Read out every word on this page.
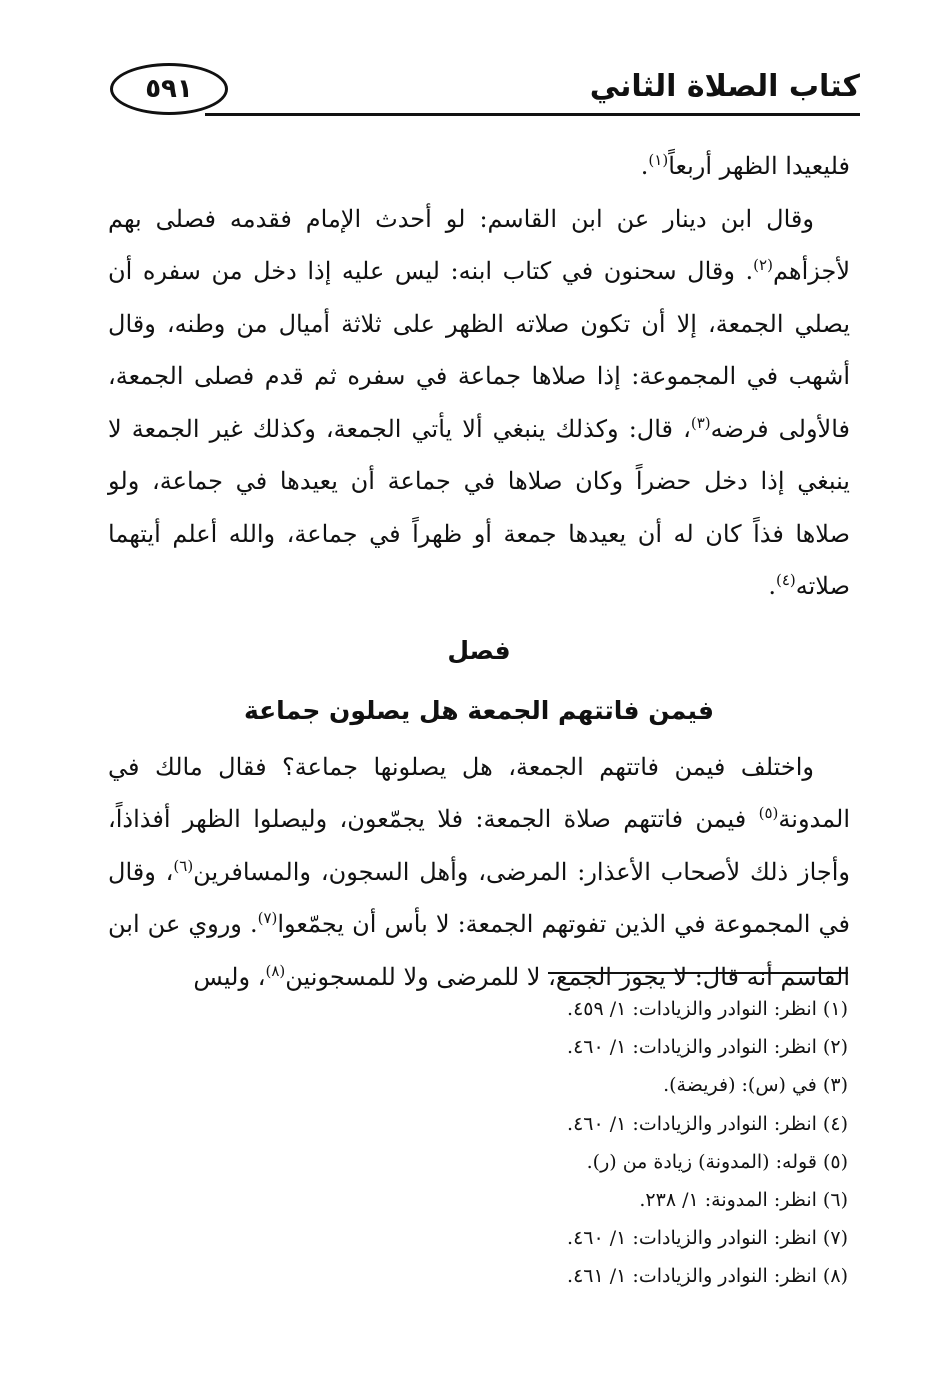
٥٩١	كتاب الصلاة الثاني

فليعيدا الظهر أربعاً$^{(١)}$.

وقال ابن دينار عن ابن القاسم: لو أحدث الإمام فقدمه فصلى بهم لأجزأهم$^{(٢)}$. وقال سحنون في كتاب ابنه: ليس عليه إذا دخل من سفره أن يصلي الجمعة، إلا أن تكون صلاته الظهر على ثلاثة أميال من وطنه، وقال أشهب في المجموعة: إذا صلاها جماعة في سفره ثم قدم فصلى الجمعة، فالأولى فرضه$^{(٣)}$، قال: وكذلك ينبغي ألا يأتي الجمعة، وكذلك غير الجمعة لا ينبغي إذا دخل حضراً وكان صلاها في جماعة أن يعيدها في جماعة، ولو صلاها فذاً كان له أن يعيدها جمعة أو ظهراً في جماعة، والله أعلم أيتهما صلاته$^{(٤)}$.

فصل
فيمن فاتتهم الجمعة هل يصلون جماعة

واختلف فيمن فاتتهم الجمعة، هل يصلونها جماعة؟ فقال مالك في المدونة$^{(٥)}$ فيمن فاتتهم صلاة الجمعة: فلا يجمّعون، وليصلوا الظهر أفذاذاً، وأجاز ذلك لأصحاب الأعذار: المرضى، وأهل السجون، والمسافرين$^{(٦)}$، وقال في المجموعة في الذين تفوتهم الجمعة: لا بأس أن يجمّعوا$^{(٧)}$. وروي عن ابن القاسم أنه قال: لا يجوز الجمع، لا للمرضى ولا للمسجونين$^{(٨)}$، وليس

(١) انظر: النوادر والزيادات: ١/ ٤٥٩.
(٢) انظر: النوادر والزيادات: ١/ ٤٦٠.
(٣) في (س): (فريضة).
(٤) انظر: النوادر والزيادات: ١/ ٤٦٠.
(٥) قوله: (المدونة) زيادة من (ر).
(٦) انظر: المدونة: ١/ ٢٣٨.
(٧) انظر: النوادر والزيادات: ١/ ٤٦٠.
(٨) انظر: النوادر والزيادات: ١/ ٤٦١.
